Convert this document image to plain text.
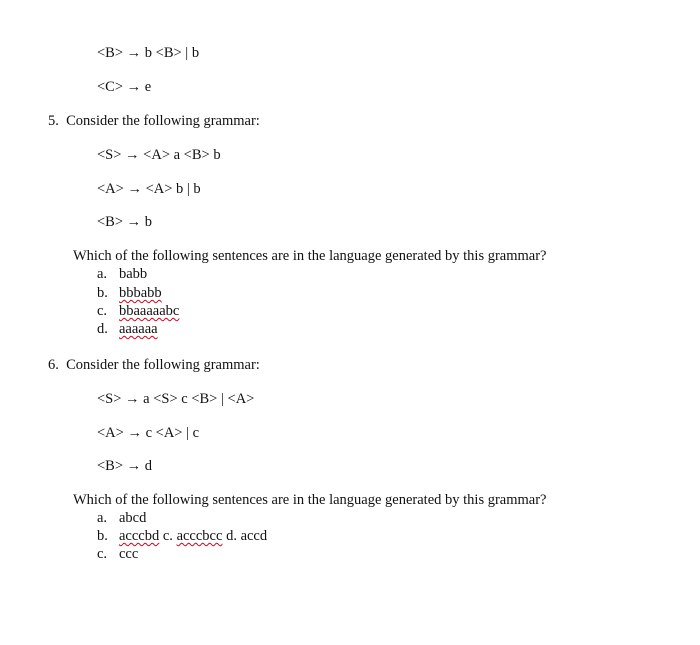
<B> → b <B> | b
<C> → e
5. Consider the following grammar:
<S> → <A> a <B> b
<A> → <A> b | b
<B> → b
Which of the following sentences are in the language generated by this grammar?
a. babb
b. bbbabb
c. bbaaaaabc
d. aaaaaa
6. Consider the following grammar:
<S> → a <S> c <B> | <A>
<A> → c <A> | c
<B> → d
Which of the following sentences are in the language generated by this grammar?
a. abcd
b. acccbd c. acccbcc d. accd
c. ccc
